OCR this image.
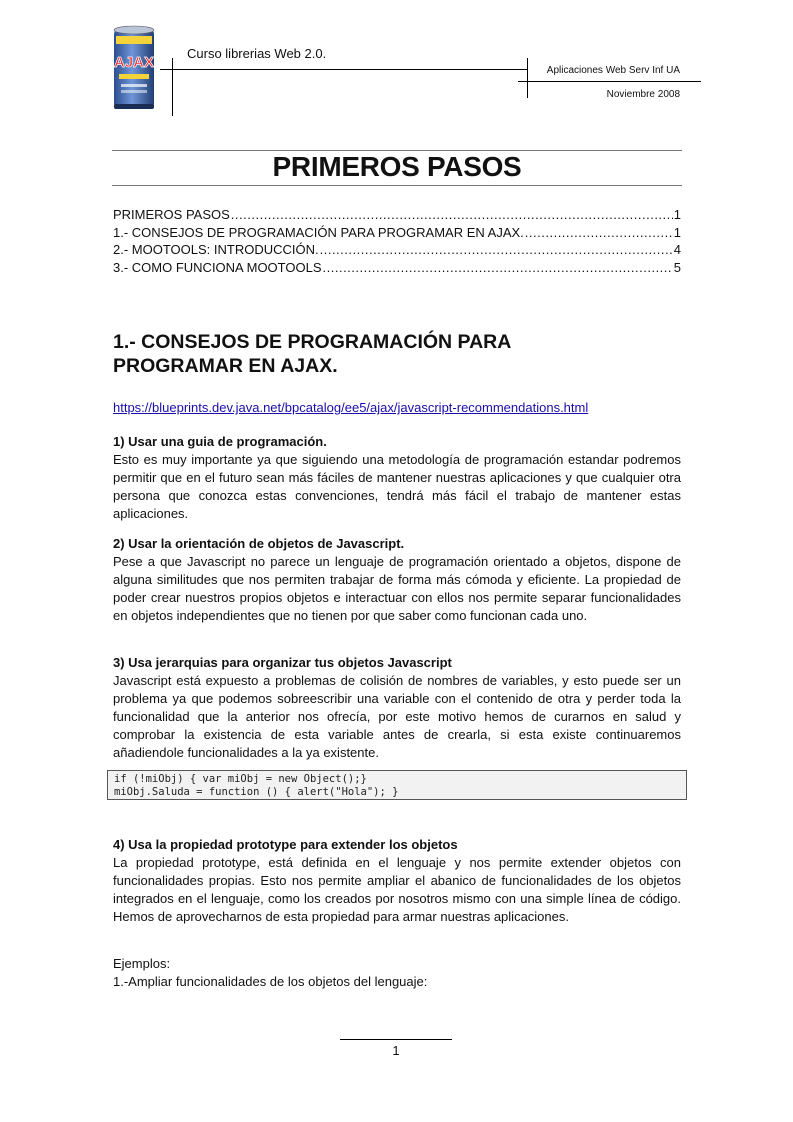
AJAX
Curso librerias Web 2.0.
Aplicaciones Web Serv Inf UA
Noviembre 2008
PRIMEROS PASOS
PRIMEROS PASOS .....	1
1.- CONSEJOS DE PROGRAMACIÓN PARA PROGRAMAR EN AJAX. .....	1
2.- MOOTOOLS: INTRODUCCIÓN. .....	4
3.- COMO FUNCIONA MOOTOOLS .....	5
1.- CONSEJOS DE PROGRAMACIÓN PARA
PROGRAMAR EN AJAX.
https://blueprints.dev.java.net/bpcatalog/ee5/ajax/javascript-recommendations.html
1) Usar una guia de programación.

Esto es muy importante ya que siguiendo una metodología de programación estandar podremos permitir que en el futuro sean más fáciles de mantener nuestras aplicaciones y que cualquier otra persona que conozca estas convenciones, tendrá más fácil el trabajo de mantener estas aplicaciones.

2) Usar la orientación de objetos de Javascript.

Pese a que Javascript no parece un lenguaje de programación orientado a objetos, dispone de alguna similitudes que nos permiten trabajar de forma más cómoda y eficiente. La propiedad de poder crear nuestros propios objetos e interactuar con ellos nos permite separar funcionalidades en objetos independientes que no tienen por que saber como funcionan cada uno.

3) Usa jerarquias para organizar tus objetos Javascript

Javascript está expuesto a problemas de colisión de nombres de variables, y esto puede ser un problema ya que podemos sobreescribir una variable con el contenido de otra y perder toda la funcionalidad que la anterior nos ofrecía, por este motivo hemos de curarnos en salud y comprobar la existencia de esta variable antes de crearla, si esta existe continuaremos añadiendole funcionalidades a la ya existente.

if (!miObj) { var miObj = new Object();}
miObj.Saluda = function () { alert("Hola"); }
4) Usa la propiedad prototype para extender los objetos

La propiedad prototype, está definida en el lenguaje y nos permite extender objetos con funcionalidades propias. Esto nos permite ampliar el abanico de funcionalidades de los objetos integrados en el lenguaje, como los creados por nosotros mismo con una simple línea de código. Hemos de aprovecharnos de esta propiedad para armar nuestras aplicaciones.

Ejemplos:
1.-Ampliar funcionalidades de los objetos del lenguaje:
1
